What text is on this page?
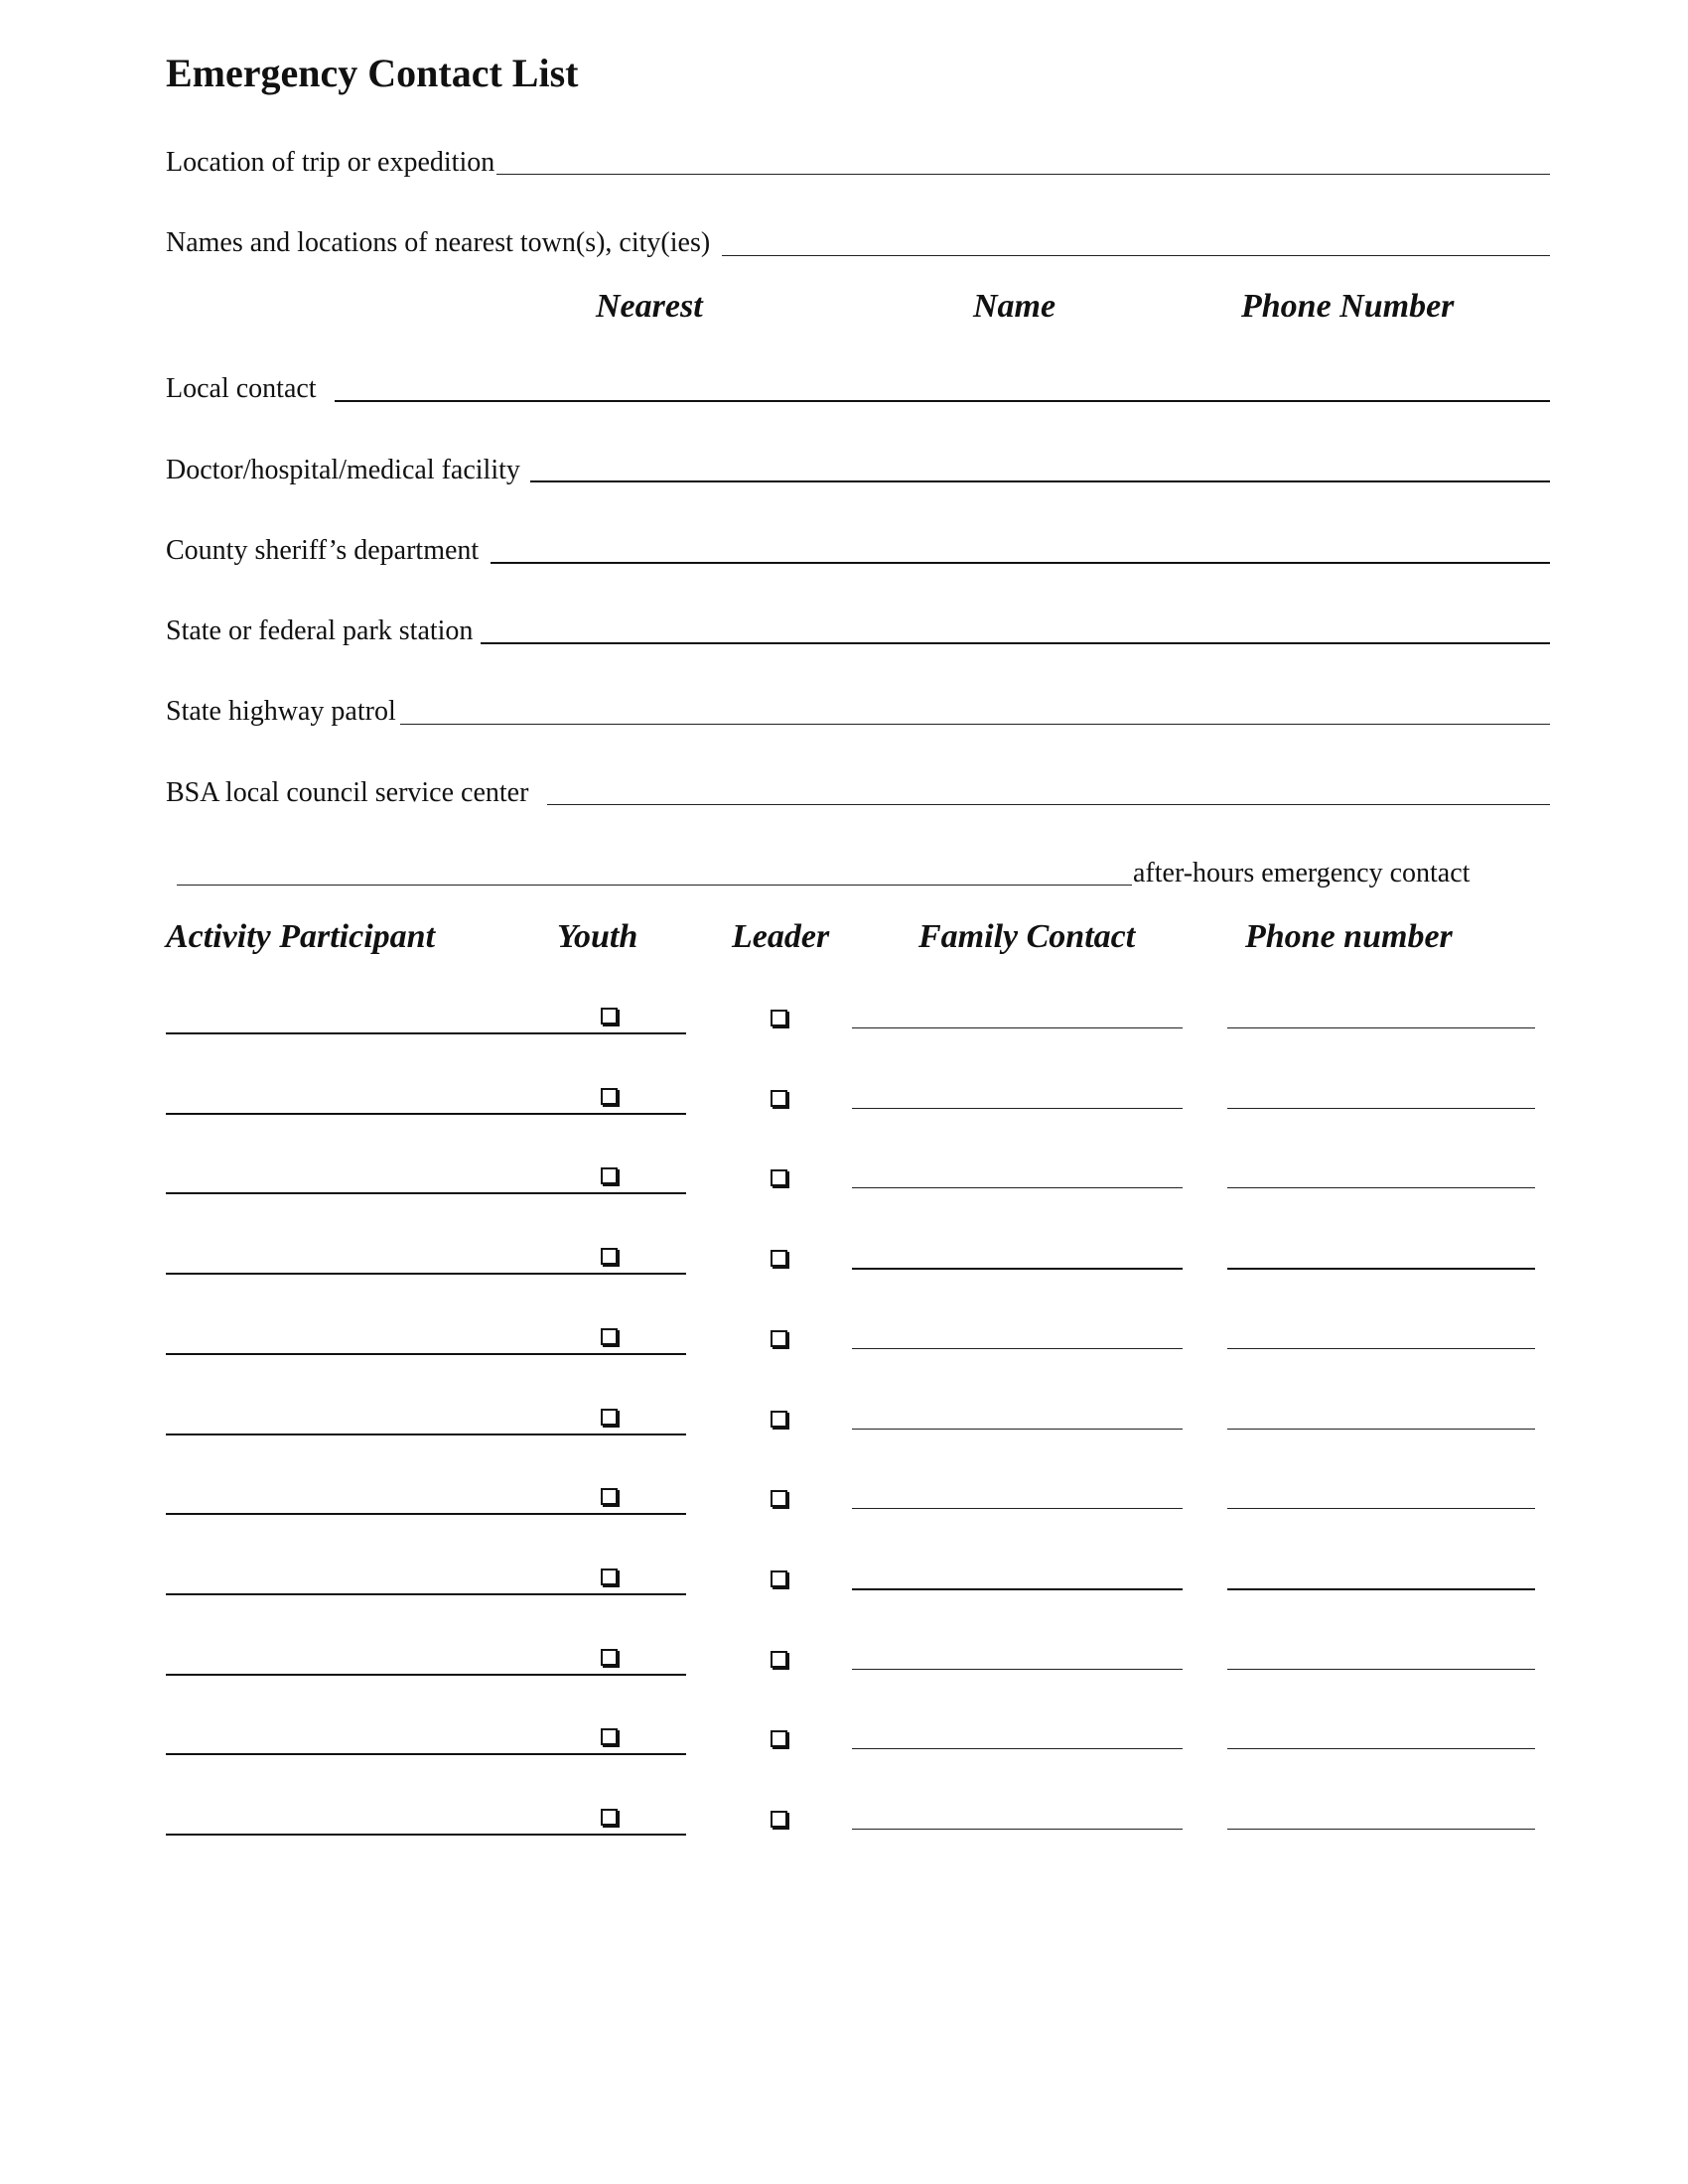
Emergency Contact List
Location of trip or expedition
Names and locations of nearest town(s), city(ies)
Nearest	Name	Phone Number
Local contact
Doctor/hospital/medical facility
County sheriff’s department
State or federal park station
State highway patrol
BSA local council service center
after-hours emergency contact
Activity Participant	Youth	Leader	Family Contact	Phone number
